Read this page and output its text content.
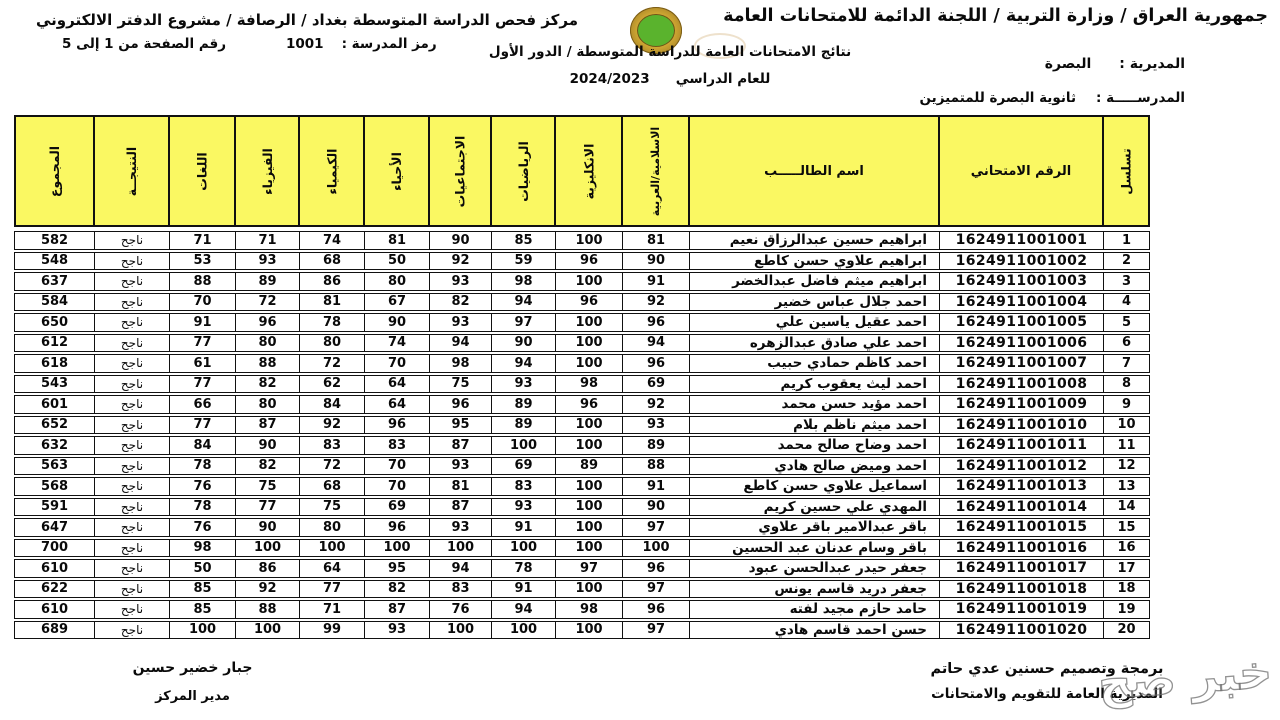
جمهورية العراق / وزارة التربية / اللجنة الدائمة للامتحانات العامة
مركز فحص الدراسة المتوسطة بغداد / الرصافة / مشروع الدفتر الالكتروني
رقم الصفحة من 1 إلى 5	رمز المدرسة :1001	نتائج الامتحانات العامة للدراسة المتوسطة / الدور الأول
للعام الدراسي2024/2023
المديرية :البصرة
المدرســـــة :ثانوية البصرة للمتميزين
تسلسل
الرقم الامتحاني
اسم الطالـــــب
الاسلامية/العربية
الانكليزية
الرياضيات
الاجتماعيات
الأحياء
الكيمياء
الفيزياء
اللغات
النتيجــة
المجموع
1
1624911001001
ابراهيم حسين عبدالرزاق نعيم
81
100
85
90
81
74
71
71
ناجح
582
2
1624911001002
ابراهيم علاوي حسن كاطع
90
96
59
92
50
68
93
53
ناجح
548
3
1624911001003
ابراهيم ميثم فاضل عبدالخضر
91
100
98
93
80
86
89
88
ناجح
637
4
1624911001004
احمد جلال عباس خضير
92
96
94
82
67
81
72
70
ناجح
584
5
1624911001005
احمد عقيل ياسين علي
96
100
97
93
90
78
96
91
ناجح
650
6
1624911001006
احمد علي صادق عبدالزهره
94
100
90
94
74
80
80
77
ناجح
612
7
1624911001007
احمد كاظم حمادي حبيب
96
100
94
98
70
72
88
61
ناجح
618
8
1624911001008
احمد ليث يعقوب كريم
69
98
93
75
64
62
82
77
ناجح
543
9
1624911001009
احمد مؤيد حسن محمد
92
96
89
96
64
84
80
66
ناجح
601
10
1624911001010
احمد ميثم ناظم بلام
93
100
89
95
96
92
87
77
ناجح
652
11
1624911001011
احمد وضاح صالح محمد
89
100
100
87
83
83
90
84
ناجح
632
12
1624911001012
احمد وميض صالح هادي
88
89
69
93
70
72
82
78
ناجح
563
13
1624911001013
اسماعيل علاوي حسن كاطع
91
100
83
81
70
68
75
76
ناجح
568
14
1624911001014
المهدي علي حسين كريم
90
100
93
87
69
75
77
78
ناجح
591
15
1624911001015
باقر عبدالامير باقر علاوي
97
100
91
93
96
80
90
76
ناجح
647
16
1624911001016
باقر وسام عدنان عبد الحسين
100
100
100
100
100
100
100
98
ناجح
700
17
1624911001017
جعفر حيدر عبدالحسن عبود
96
97
78
94
95
64
86
50
ناجح
610
18
1624911001018
جعفر دريد قاسم يونس
97
100
91
83
82
77
92
85
ناجح
622
19
1624911001019
حامد حازم مجيد لفته
96
98
94
76
87
71
88
85
ناجح
610
20
1624911001020
حسن احمد قاسم هادي
97
100
100
100
93
99
100
100
ناجح
689
جبار خضير حسين
مدير المركز
برمجة وتصميم حسنين عدي حاتم
المديرية العامة للتقويم والامتحانات
خبر صح
